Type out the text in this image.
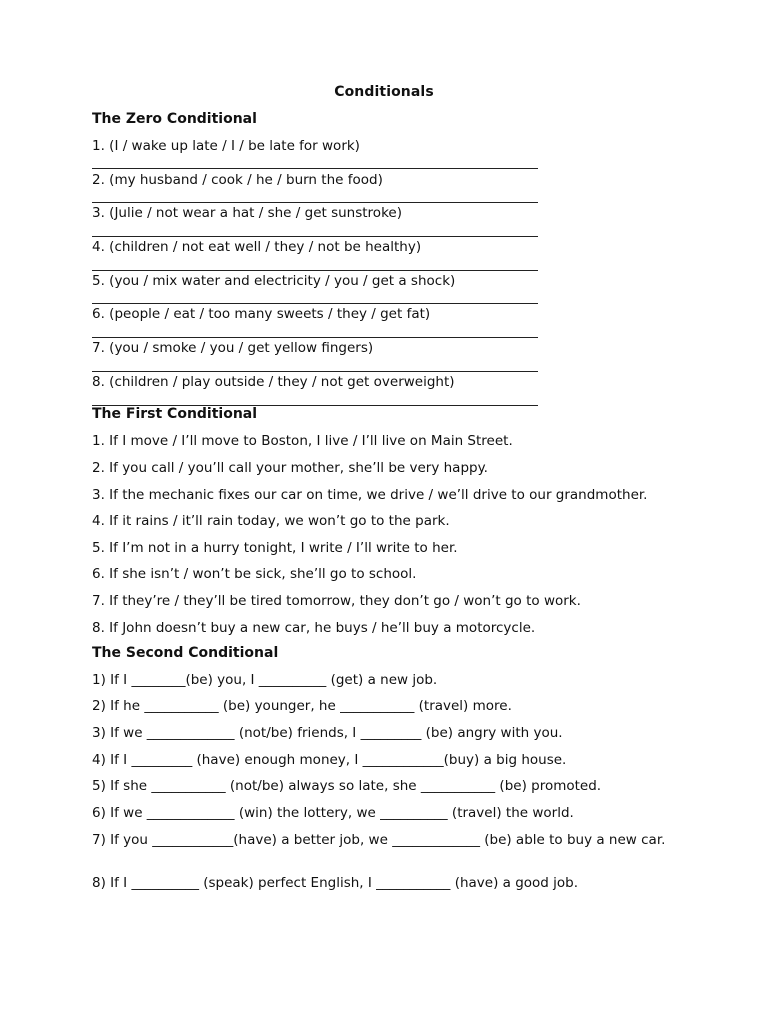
Conditionals
The Zero Conditional
1. (I / wake up late / I / be late for work)
2. (my husband / cook / he / burn the food)
3. (Julie / not wear a hat / she / get sunstroke)
4. (children / not eat well / they / not be healthy)
5. (you / mix water and electricity / you / get a shock)
6. (people / eat / too many sweets / they / get fat)
7. (you / smoke / you / get yellow fingers)
8. (children / play outside / they / not get overweight)
The First Conditional
1. If I move / I’ll move to Boston, I live / I’ll live on Main Street.
2. If you call / you’ll call your mother, she’ll be very happy.
3. If the mechanic fixes our car on time, we drive / we’ll drive to our grandmother.
4. If it rains / it’ll rain today, we won’t go to the park.
5. If I’m not in a hurry tonight, I write / I’ll write to her.
6. If she isn’t / won’t be sick, she’ll go to school.
7. If they’re / they’ll be tired tomorrow, they don’t go / won’t go to work.
8. If John doesn’t buy a new car, he buys / he’ll buy a motorcycle.
The Second Conditional
1) If I ________(be) you, I __________ (get) a new job.
2) If he ___________ (be) younger, he ___________ (travel) more.
3) If we _____________ (not/be) friends, I _________ (be) angry with you.
4) If I _________ (have) enough money, I ____________(buy) a big house.
5) If she ___________ (not/be) always so late, she ___________ (be) promoted.
6) If we _____________ (win) the lottery, we __________ (travel) the world.
7) If you ____________(have) a better job, we _____________ (be) able to buy a new car.
8) If I __________ (speak) perfect English, I ___________ (have) a good job.
